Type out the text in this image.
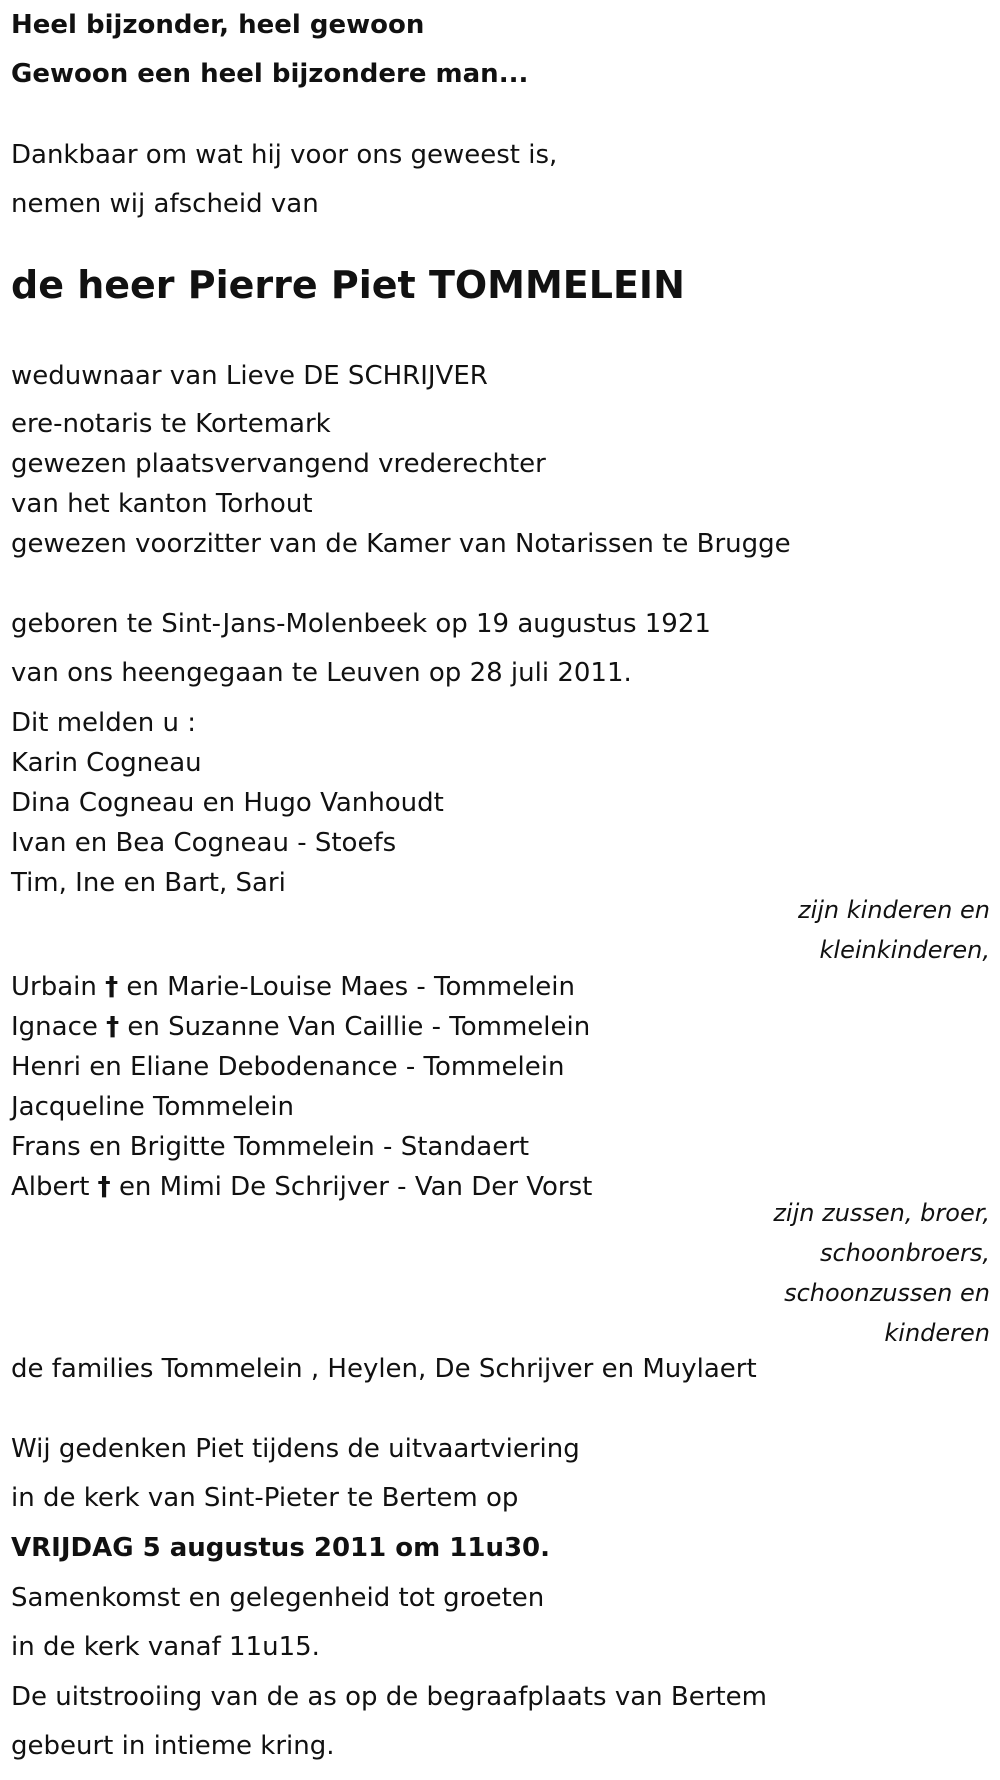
Heel bijzonder, heel gewoon
Gewoon een heel bijzondere man...
Dankbaar om wat hij voor ons geweest is,
nemen wij afscheid van
de heer Pierre Piet TOMMELEIN
weduwnaar van Lieve DE SCHRIJVER
ere-notaris te Kortemark
gewezen plaatsvervangend vrederechter
van het kanton Torhout
gewezen voorzitter van de Kamer van Notarissen te Brugge
geboren te Sint-Jans-Molenbeek op 19 augustus 1921
van ons heengegaan te Leuven op 28 juli 2011.
Dit melden u :
Karin Cogneau
Dina Cogneau en Hugo Vanhoudt
Ivan en Bea Cogneau - Stoefs
Tim, Ine en Bart, Sari
zijn kinderen en
kleinkinderen,
Urbain † en Marie-Louise Maes - Tommelein
Ignace † en Suzanne Van Caillie - Tommelein
Henri en Eliane Debodenance - Tommelein
Jacqueline Tommelein
Frans en Brigitte Tommelein - Standaert
Albert † en Mimi De Schrijver - Van Der Vorst
zijn zussen, broer,
schoonbroers,
schoonzussen en
kinderen
de families Tommelein , Heylen, De Schrijver en Muylaert
Wij gedenken Piet tijdens de uitvaartviering
in de kerk van Sint-Pieter te Bertem op
VRIJDAG 5 augustus 2011 om 11u30.
Samenkomst en gelegenheid tot groeten
in de kerk vanaf 11u15.
De uitstrooiing van de as op de begraafplaats van Bertem
gebeurt in intieme kring.
